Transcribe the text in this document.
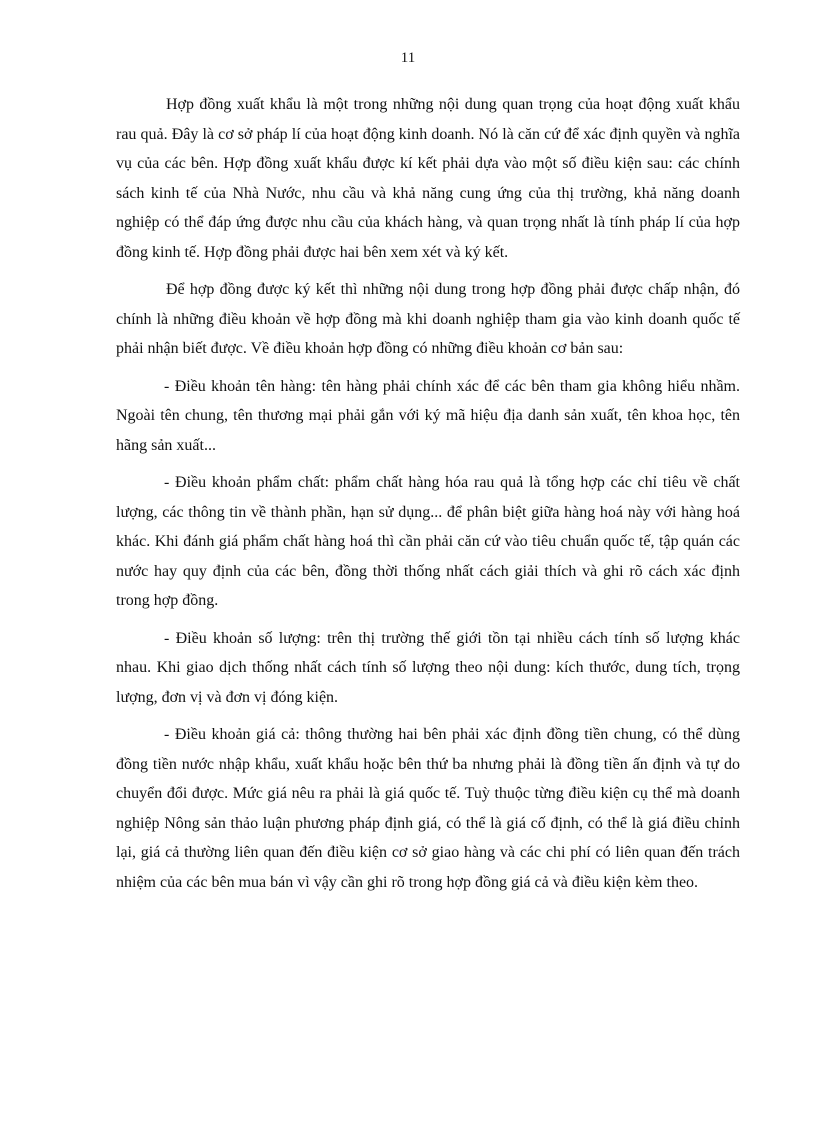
11

Hợp đồng xuất khẩu là một trong những nội dung quan trọng của hoạt động xuất khẩu rau quả. Đây là cơ sở pháp lí của hoạt động kinh doanh. Nó là căn cứ để xác định quyền và nghĩa vụ của các bên. Hợp đồng xuất khẩu được kí kết phải dựa vào một số điều kiện sau: các chính sách kinh tế của Nhà Nước, nhu cầu và khả năng cung ứng của thị trường, khả năng doanh nghiệp có thể đáp ứng được nhu cầu của khách hàng, và quan trọng nhất là tính pháp lí của hợp đồng kinh tế. Hợp đồng phải được hai bên xem xét và ký kết.

Để hợp đồng được ký kết thì những nội dung trong hợp đồng phải được chấp nhận, đó chính là những điều khoản về hợp đồng mà khi doanh nghiệp tham gia vào kinh doanh quốc tế phải nhận biết được. Về điều khoản hợp đồng có những điều khoản cơ bản sau:

- Điều khoản tên hàng: tên hàng phải chính xác để các bên tham gia không hiểu nhầm. Ngoài tên chung, tên thương mại phải gắn với ký mã hiệu địa danh sản xuất, tên khoa học, tên hãng sản xuất...

- Điều khoản phẩm chất: phẩm chất hàng hóa rau quả là tổng hợp các chỉ tiêu về chất lượng, các thông tin về thành phần, hạn sử dụng... để phân biệt giữa hàng hoá này với hàng hoá khác. Khi đánh giá phẩm chất hàng hoá thì cần phải căn cứ vào tiêu chuẩn quốc tế, tập quán các nước hay quy định của các bên, đồng thời thống nhất cách giải thích và ghi rõ cách xác định trong hợp đồng.

- Điều khoản số lượng: trên thị trường thế giới tồn tại nhiều cách tính số lượng khác nhau. Khi giao dịch thống nhất cách tính số lượng theo nội dung: kích thước, dung tích, trọng lượng, đơn vị và đơn vị đóng kiện.

- Điều khoản giá cả: thông thường hai bên phải xác định đồng tiền chung, có thể dùng đồng tiền nước nhập khẩu, xuất khẩu hoặc bên thứ ba nhưng phải là đồng tiền ấn định và tự do chuyển đổi được. Mức giá nêu ra phải là giá quốc tế. Tuỳ thuộc từng điều kiện cụ thể mà doanh nghiệp Nông sản thảo luận phương pháp định giá, có thể là giá cố định, có thể là giá điều chỉnh lại, giá cả thường liên quan đến điều kiện cơ sở giao hàng và các chi phí có liên quan đến trách nhiệm của các bên mua bán vì vậy cần ghi rõ trong hợp đồng giá cả và điều kiện kèm theo.
